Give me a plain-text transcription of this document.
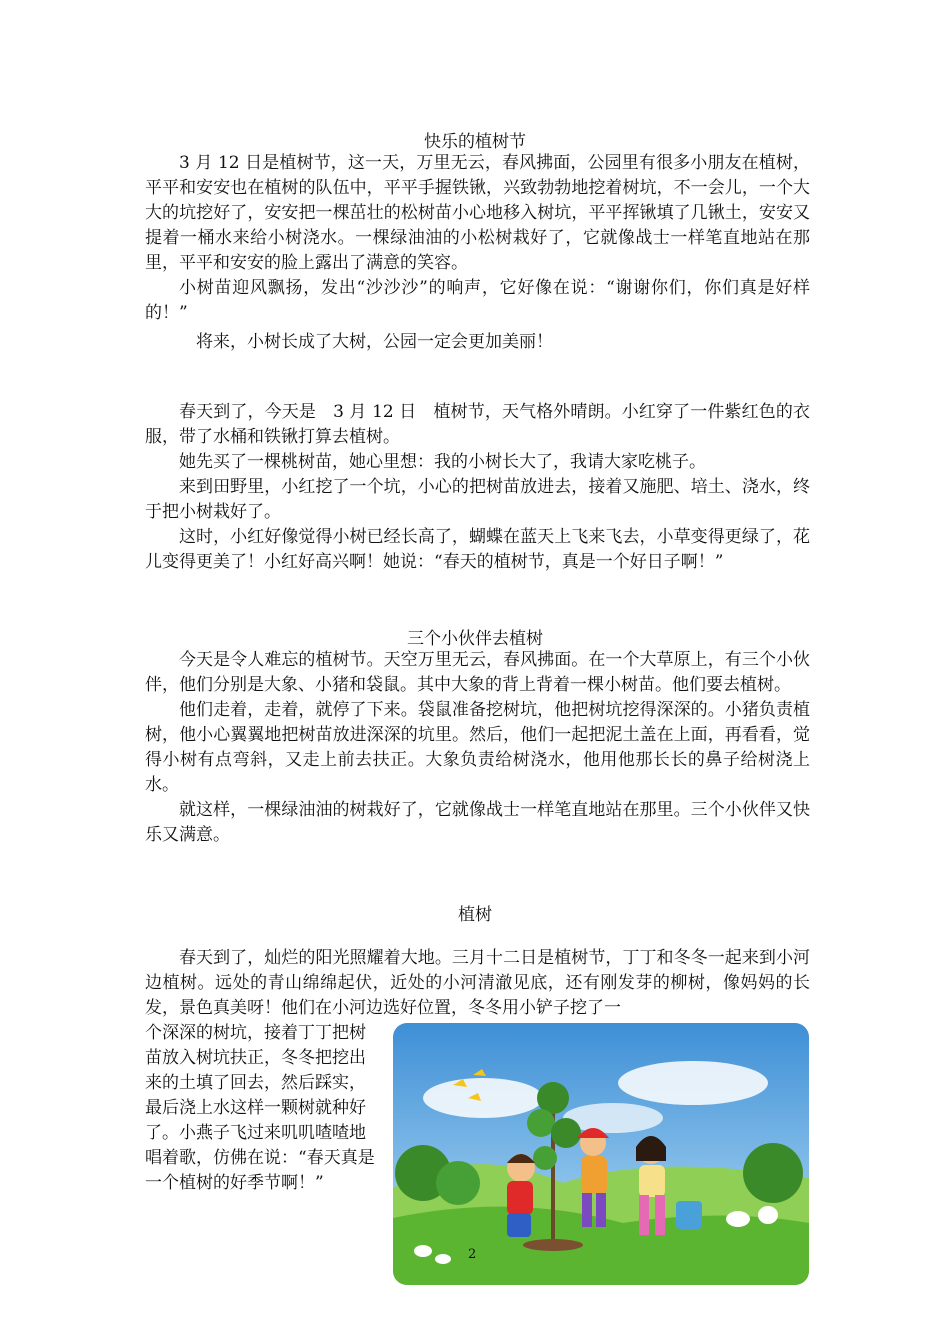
快乐的植树节

3 月 12 日是植树节，这一天，万里无云，春风拂面，公园里有很多小朋友在植树，平平和安安也在植树的队伍中，平平手握铁锹，兴致勃勃地挖着树坑，不一会儿，一个大大的坑挖好了，安安把一棵茁壮的松树苗小心地移入树坑，平平挥锹填了几锹土，安安又提着一桶水来给小树浇水。一棵绿油油的小松树栽好了，它就像战士一样笔直地站在那里，平平和安安的脸上露出了满意的笑容。

小树苗迎风飘扬，发出“沙沙沙”的响声，它好像在说：“谢谢你们，你们真是好样的！”

将来，小树长成了大树，公园一定会更加美丽！

春天到了，今天是　3 月 12 日　植树节，天气格外晴朗。小红穿了一件紫红色的衣服，带了水桶和铁锹打算去植树。

她先买了一棵桃树苗，她心里想：我的小树长大了，我请大家吃桃子。

来到田野里，小红挖了一个坑，小心的把树苗放进去，接着又施肥、培土、浇水，终于把小树栽好了。

这时，小红好像觉得小树已经长高了，蝴蝶在蓝天上飞来飞去，小草变得更绿了，花儿变得更美了！小红好高兴啊！她说：“春天的植树节，真是一个好日子啊！”

三个小伙伴去植树

今天是令人难忘的植树节。天空万里无云，春风拂面。在一个大草原上，有三个小伙伴，他们分别是大象、小猪和袋鼠。其中大象的背上背着一棵小树苗。他们要去植树。

他们走着，走着，就停了下来。袋鼠准备挖树坑，他把树坑挖得深深的。小猪负责植树，他小心翼翼地把树苗放进深深的坑里。然后，他们一起把泥土盖在上面，再看看，觉得小树有点弯斜，又走上前去扶正。大象负责给树浇水，他用他那长长的鼻子给树浇上水。

就这样，一棵绿油油的树栽好了，它就像战士一样笔直地站在那里。三个小伙伴又快乐又满意。

植树

春天到了，灿烂的阳光照耀着大地。三月十二日是植树节，丁丁和冬冬一起来到小河边植树。远处的青山绵绵起伏，近处的小河清澈见底，还有刚发芽的柳树，像妈妈的长发，景色真美呀！他们在小河边选好位置，冬冬用小铲子挖了一

个深深的树坑，接着丁丁把树苗放入树坑扶正，冬冬把挖出来的土填了回去，然后踩实，最后浇上水这样一颗树就种好了。小燕子飞过来叽叽喳喳地唱着歌，仿佛在说：“春天真是一个植树的好季节啊！”
2
